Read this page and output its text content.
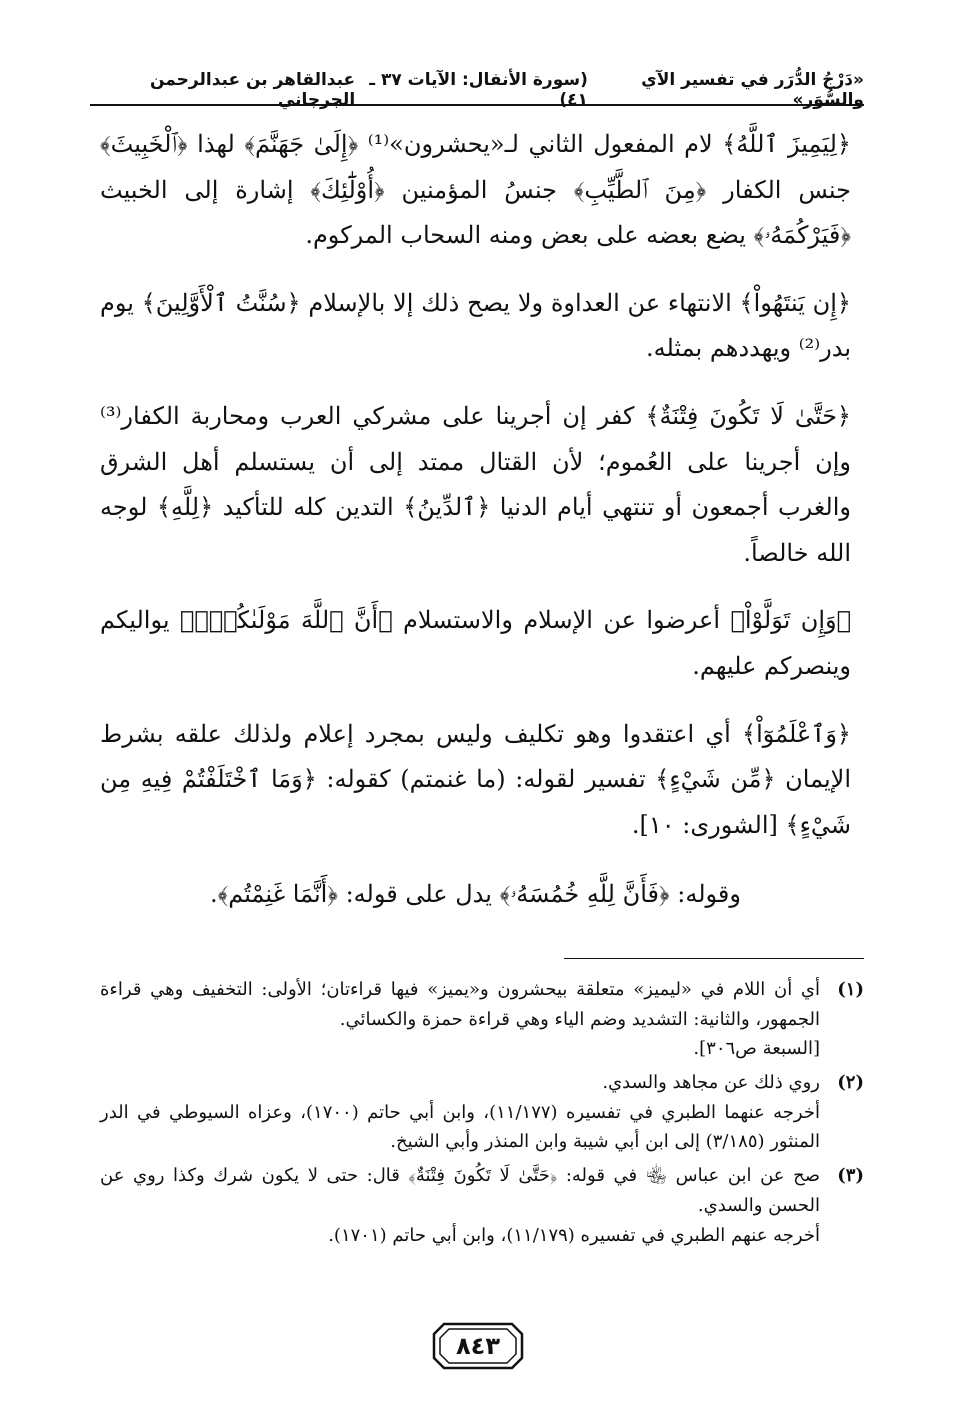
«دَرْجُ الدُّرَر في تفسير الآي والسُّوَر»
(سورة الأنفال: الآيات ٣٧ ـ ٤١)
عبدالقاهر بن عبدالرحمن الجرجاني

﴿لِيَمِيزَ ٱللَّهُ﴾ لام المفعول الثاني لـ«يحشرون»⁽¹⁾ ﴿إِلَىٰ جَهَنَّمَ﴾ لهذا ﴿ٱلْخَبِيثَ﴾ جنس الكفار ﴿مِنَ ٱلطَّيِّبِ﴾ جنسُ المؤمنين ﴿أُوْلَٰٓئِكَ﴾ إشارة إلى الخبيث ﴿فَيَرْكُمَهُۥ﴾ يضع بعضه على بعض ومنه السحاب المركوم.

﴿إِن يَنتَهُواْ﴾ الانتهاء عن العداوة ولا يصح ذلك إلا بالإسلام ﴿سُنَّتُ ٱلْأَوَّلِينَ﴾ يوم بدر⁽²⁾ ويهددهم بمثله.

﴿حَتَّىٰ لَا تَكُونَ فِتْنَةٌ﴾ كفر إن أجرينا على مشركي العرب ومحاربة الكفار⁽³⁾ وإن أجرينا على العُموم؛ لأن القتال ممتد إلى أن يستسلم أهل الشرق والغرب أجمعون أو تنتهي أيام الدنيا ﴿ٱلدِّينُ﴾ التدين كله للتأكيد ﴿لِلَّهِ﴾ لوجه الله خالصاً.

﴿وَإِن تَوَلَّوْاْ﴾ أعرضوا عن الإسلام والاستسلام ﴿أَنَّ ٱللَّهَ مَوْلَىٰكُمْۚ﴾ يواليكم وينصركم عليهم.

﴿وَٱعْلَمُوٓاْ﴾ أي اعتقدوا وهو تكليف وليس بمجرد إعلام ولذلك علقه بشرط الإيمان ﴿مِّن شَيْءٍ﴾ تفسير لقوله: (ما غنمتم) كقوله: ﴿وَمَا ٱخْتَلَفْتُمْ فِيهِ مِن شَيْءٍ﴾ [الشورى: ١٠].

وقوله: ﴿فَأَنَّ لِلَّهِ خُمُسَهُۥ﴾ يدل على قوله: ﴿أَنَّمَا غَنِمْتُم﴾.

(١)
أي أن اللام في «ليميز» متعلقة بيحشرون و«يميز» فيها قراءتان؛ الأولى: التخفيف وهي قراءة الجمهور، والثانية: التشديد وضم الياء وهي قراءة حمزة والكسائي.
[السبعة ص٣٠٦].
(٢)
روي ذلك عن مجاهد والسدي.
أخرجه عنهما الطبري في تفسيره (١١/١٧٧)، وابن أبي حاتم (١٧٠٠)، وعزاه السيوطي في الدر المنثور (٣/١٨٥) إلى ابن أبي شيبة وابن المنذر وأبي الشيخ.
(٣)
صح عن ابن عباس ﵄ في قوله: ﴿حَتَّىٰ لَا تَكُونَ فِتْنَةٌ﴾ قال: حتى لا يكون شرك وكذا روي عن الحسن والسدي.
أخرجه عنهم الطبري في تفسيره (١١/١٧٩)، وابن أبي حاتم (١٧٠١).
٨٤٣
